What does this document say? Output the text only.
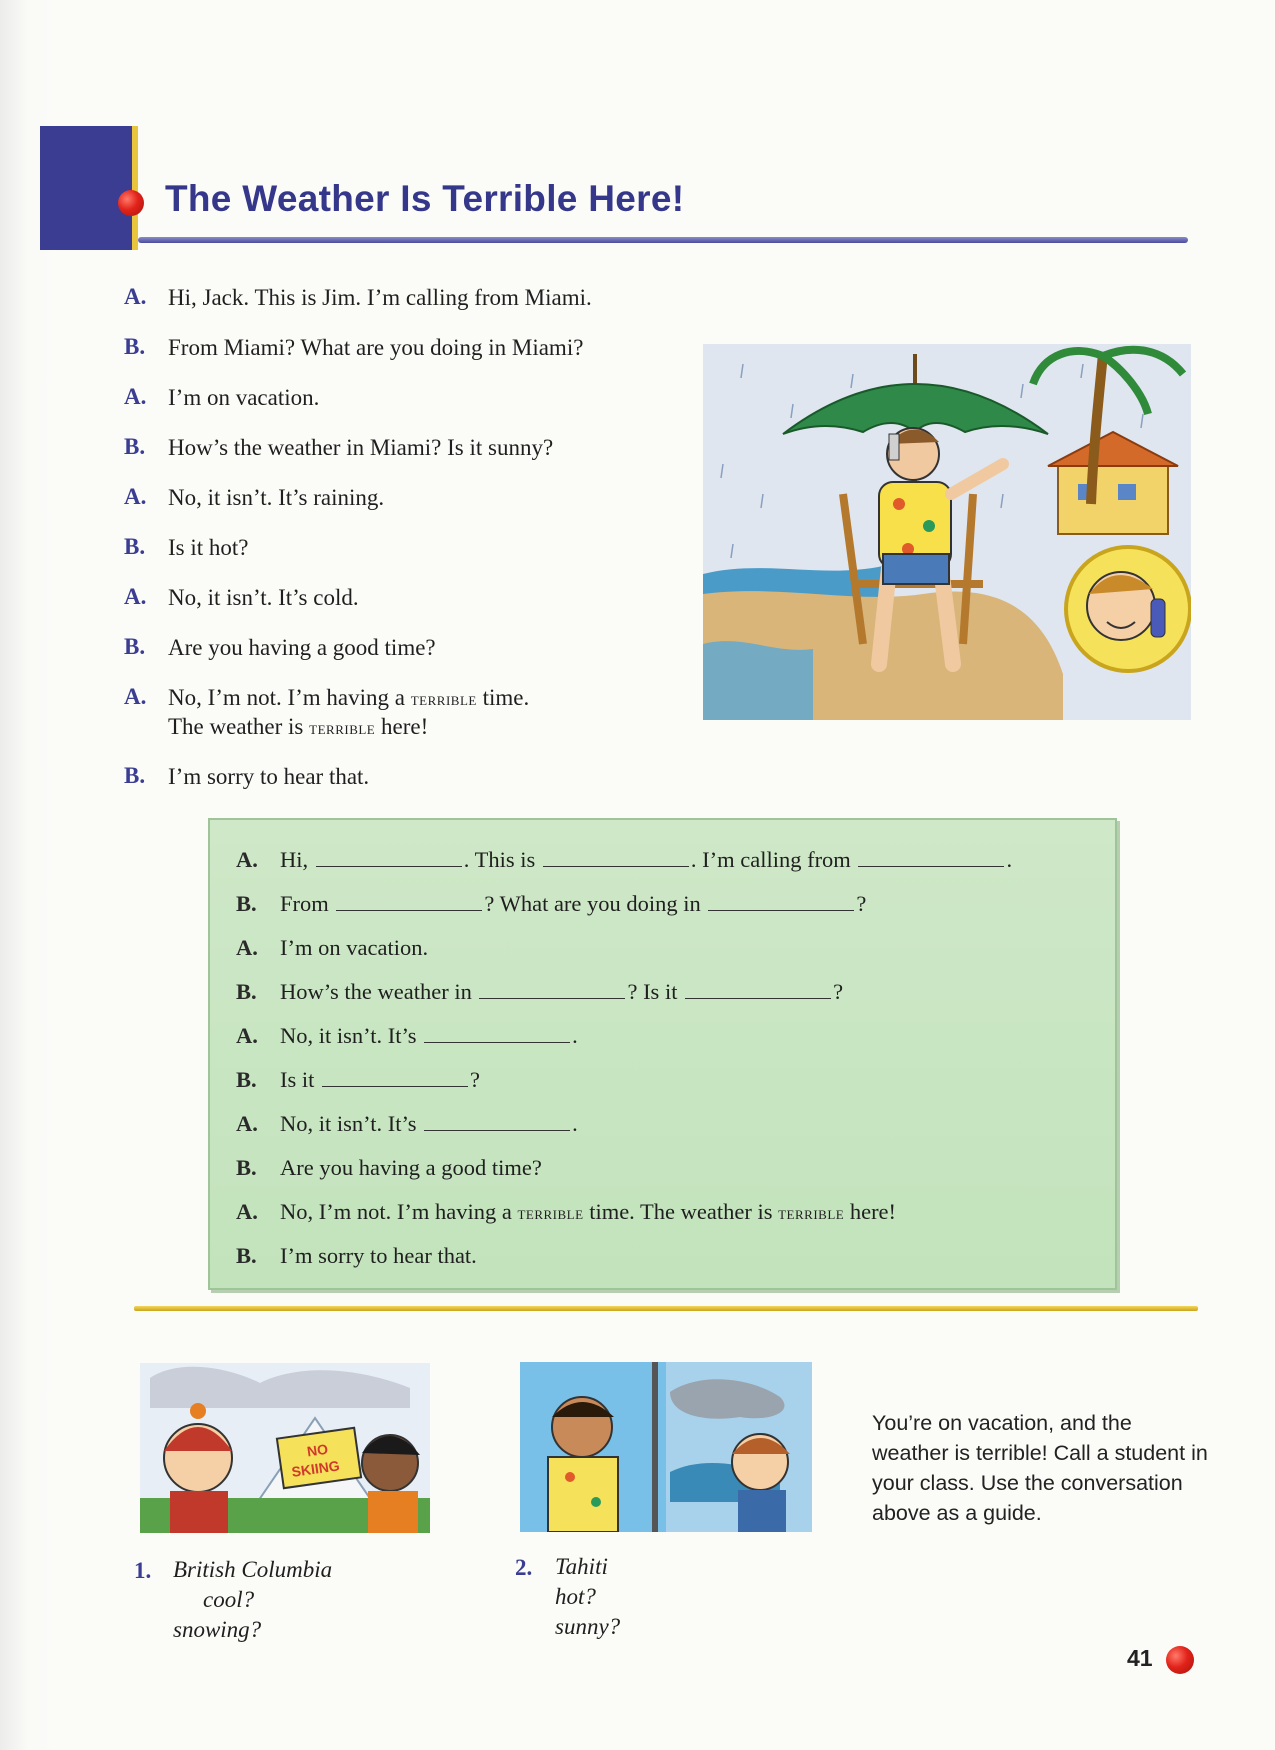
The Weather Is Terrible Here!
A. Hi, Jack. This is Jim. I’m calling from Miami.
B. From Miami? What are you doing in Miami?
A. I’m on vacation.
B. How’s the weather in Miami? Is it sunny?
A. No, it isn’t. It’s raining.
B. Is it hot?
A. No, it isn’t. It’s cold.
B. Are you having a good time?
A. No, I’m not. I’m having a terrible time.
The weather is terrible here!
B. I’m sorry to hear that.
A. Hi,	. This is	. I’m calling from	.
B. From	? What are you doing in	?
A. I’m on vacation.
B. How’s the weather in	? Is it	?
A. No, it isn’t. It’s	.
B. Is it	?
A. No, it isn’t. It’s	.
B. Are you having a good time?
A. No, I’m not. I’m having a terrible time. The weather is terrible here!
B. I’m sorry to hear that.
NO
SKIING
1. British Columbia
cool?
snowing?
2. Tahiti
hot?
sunny?
You’re on vacation, and the weather is terrible! Call a student in your class. Use the conversation above as a guide.
41
